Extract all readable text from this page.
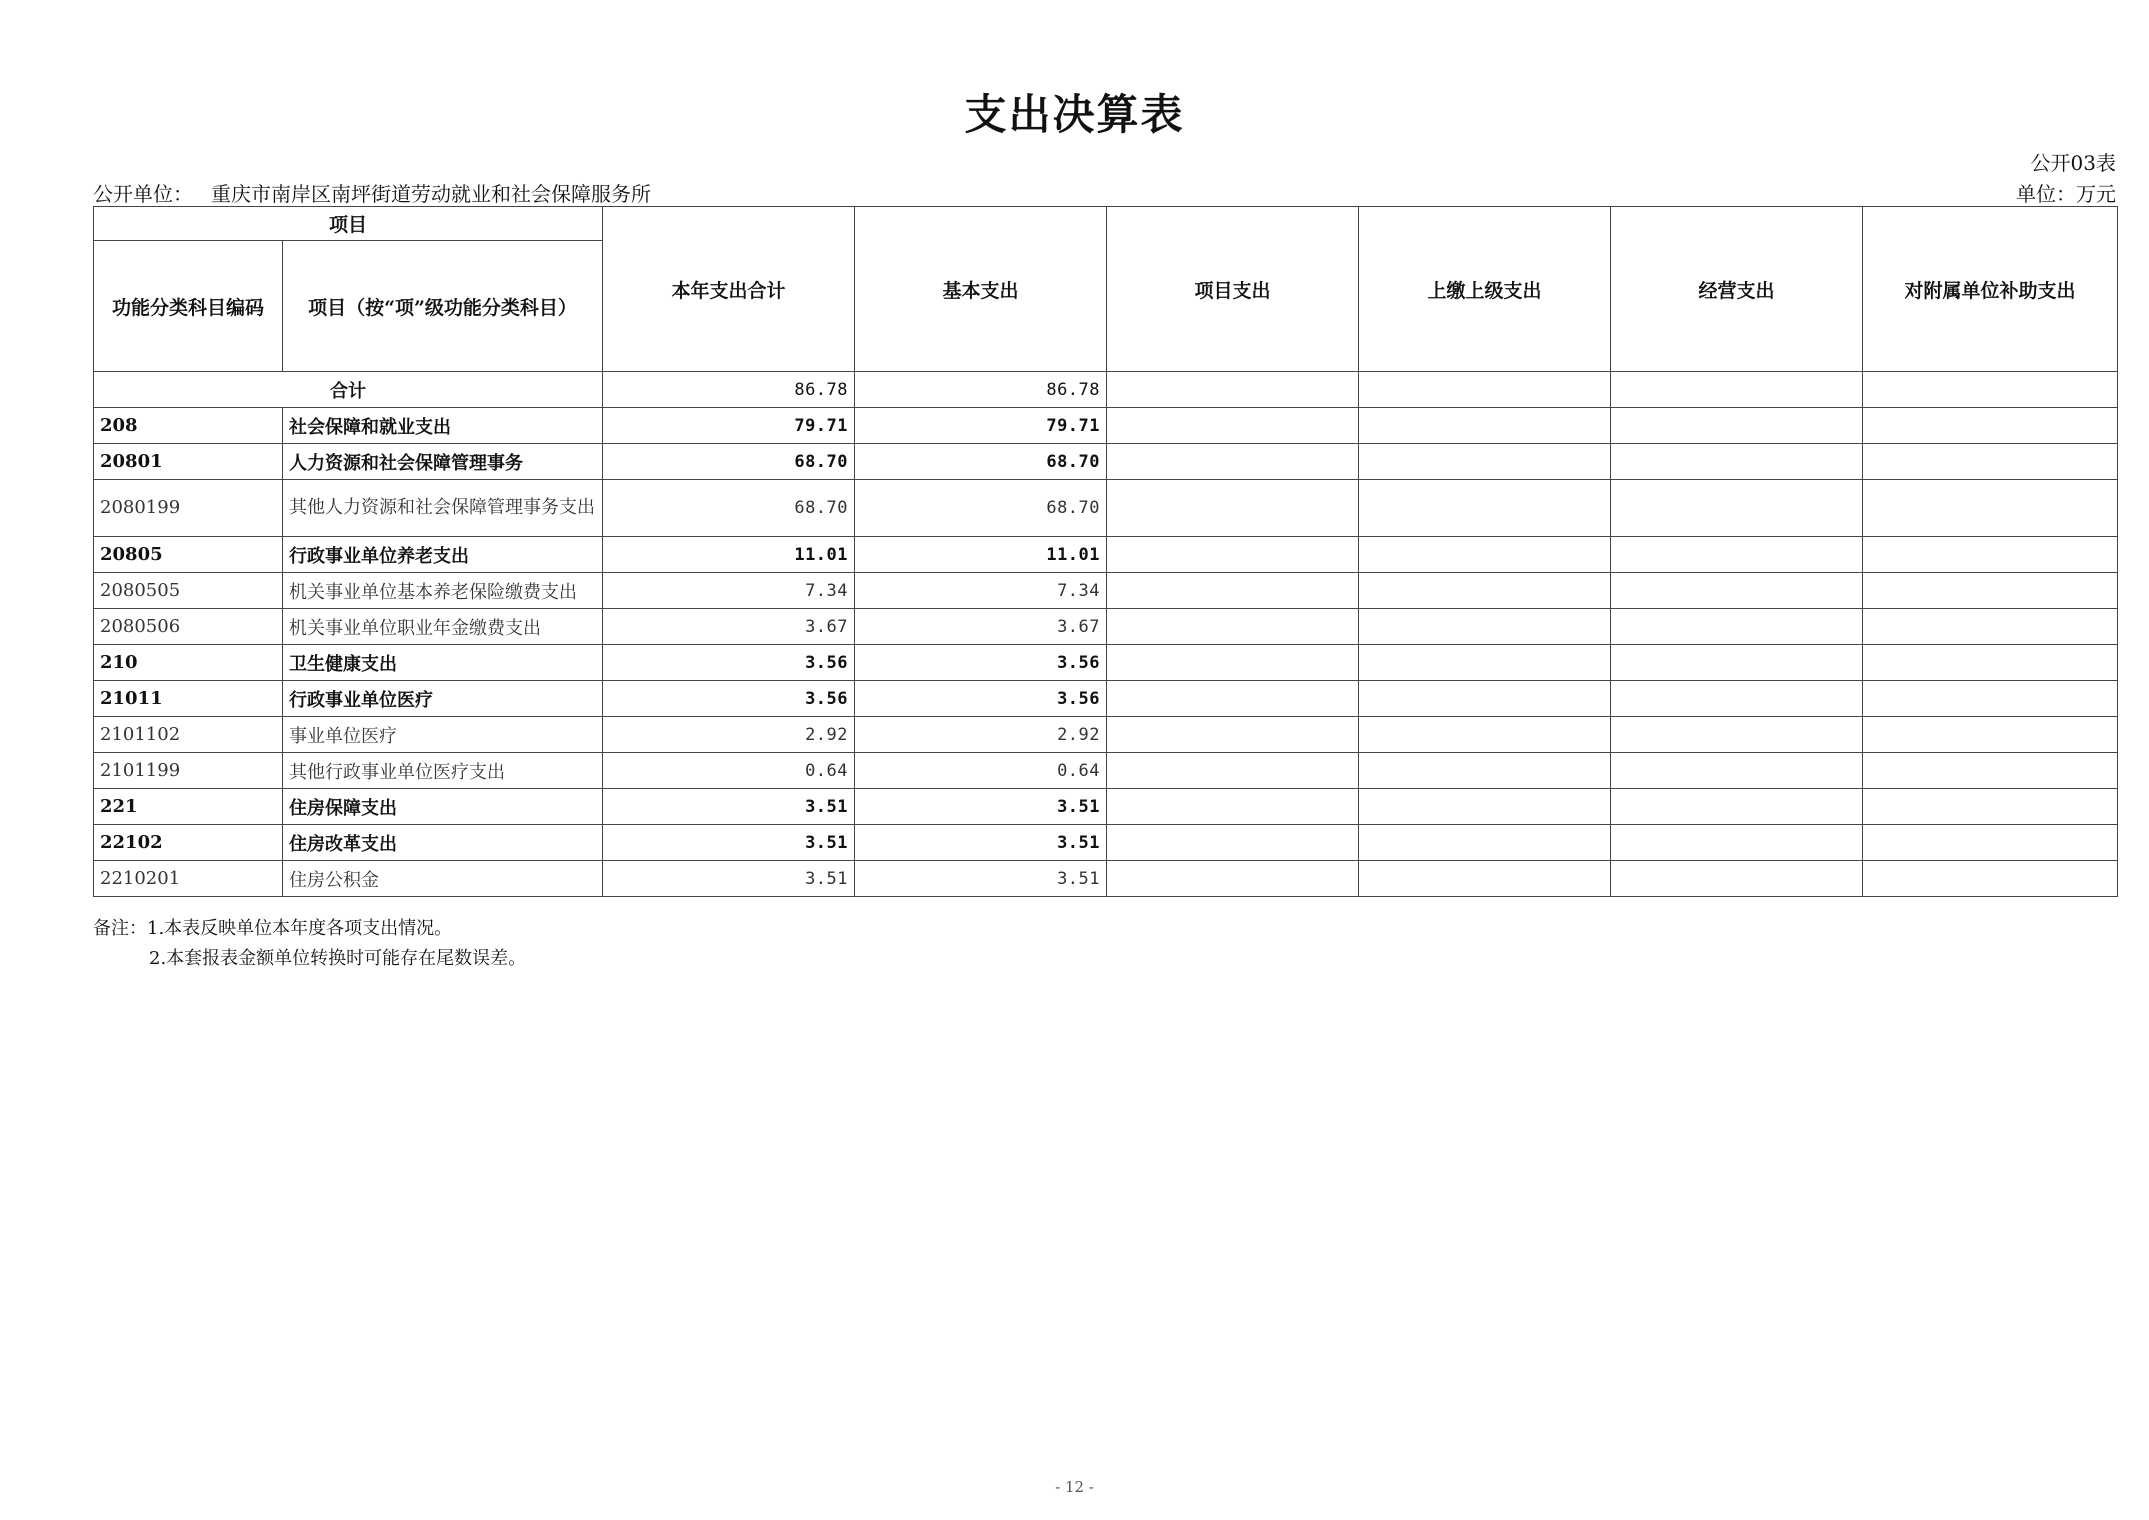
支出决算表
公开03表
公开单位： 重庆市南岸区南坪街道劳动就业和社会保障服务所	单位：万元
项目		本年支出合计	基本支出	项目支出	上缴上级支出	经营支出	对附属单位补助支出
功能分类科目编码	项目（按“项”级功能分类科目）						
合计		86.78	86.78				
208	社会保障和就业支出	79.71	79.71				
20801	人力资源和社会保障管理事务	68.70	68.70				
2080199	其他人力资源和社会保障管理事务支出	68.70	68.70				
20805	行政事业单位养老支出	11.01	11.01				
2080505	机关事业单位基本养老保险缴费支出	7.34	7.34				
2080506	机关事业单位职业年金缴费支出	3.67	3.67				
210	卫生健康支出	3.56	3.56				
21011	行政事业单位医疗	3.56	3.56				
2101102	事业单位医疗	2.92	2.92				
2101199	其他行政事业单位医疗支出	0.64	0.64				
221	住房保障支出	3.51	3.51				
22102	住房改革支出	3.51	3.51				
2210201	住房公积金	3.51	3.51				
备注：1.本表反映单位本年度各项支出情况。
2.本套报表金额单位转换时可能存在尾数误差。
- 12 -
